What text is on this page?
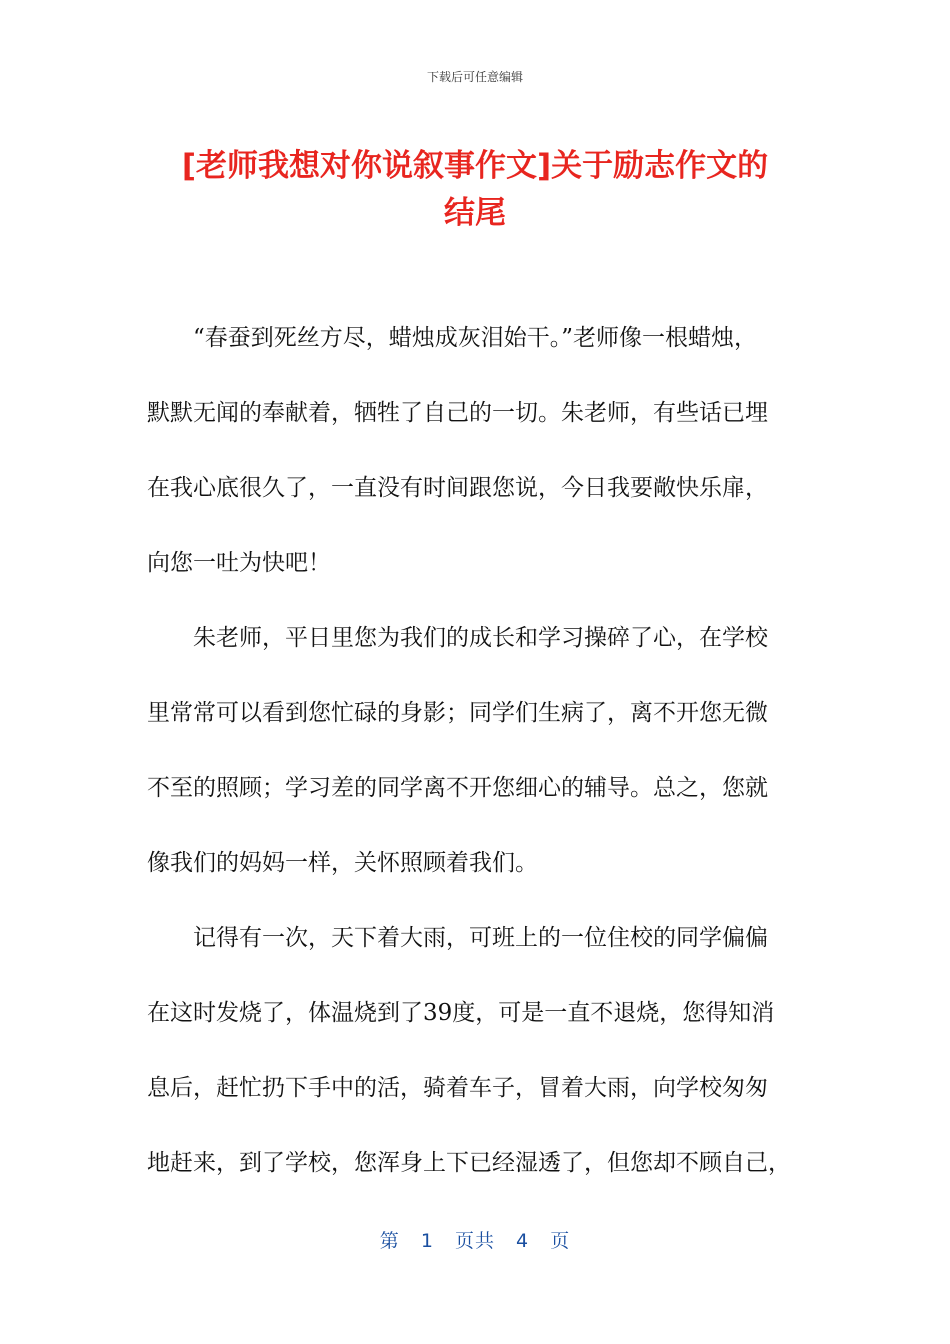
下载后可任意编辑
[老师我想对你说叙事作文]关于励志作文的
结尾
“春蚕到死丝方尽，蜡烛成灰泪始干。”老师像一根蜡烛，
默默无闻的奉献着，牺牲了自己的一切。朱老师，有些话已埋
在我心底很久了，一直没有时间跟您说，今日我要敞快乐扉，
向您一吐为快吧！
朱老师，平日里您为我们的成长和学习操碎了心，在学校
里常常可以看到您忙碌的身影；同学们生病了，离不开您无微
不至的照顾；学习差的同学离不开您细心的辅导。总之，您就
像我们的妈妈一样，关怀照顾着我们。
记得有一次，天下着大雨，可班上的一位住校的同学偏偏
在这时发烧了，体温烧到了39度，可是一直不退烧，您得知消
息后，赶忙扔下手中的活，骑着车子，冒着大雨，向学校匆匆
地赶来，到了学校，您浑身上下已经湿透了，但您却不顾自己，
第 1 页共 4 页
